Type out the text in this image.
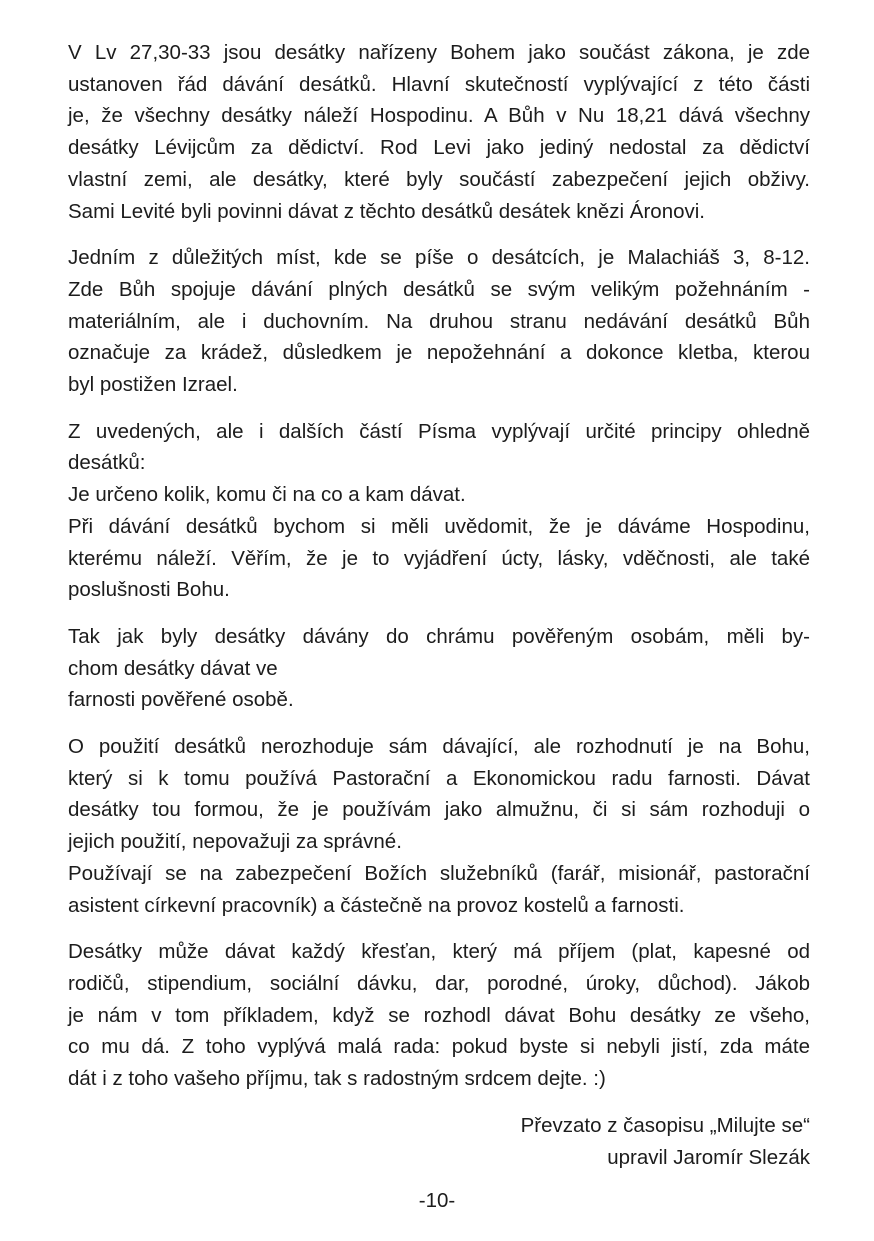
V Lv 27,30-33 jsou desátky nařízeny Bohem jako součást zákona, je zde
ustanoven řád dávání desátků. Hlavní skutečností vyplývající z této části
je, že všechny desátky náleží Hospodinu. A Bůh v Nu 18,21 dává všechny
desátky Lévijcům za dědictví. Rod Levi jako jediný nedostal za dědictví
vlastní zemi, ale desátky, které byly součástí zabezpečení jejich obživy.
Sami Levité byli povinni dávat z těchto desátků desátek knězi Áronovi.
Jedním z důležitých míst, kde se píše o desátcích, je Malachiáš 3, 8-12.
Zde Bůh spojuje dávání plných desátků se svým velikým požehnáním -
materiálním, ale i duchovním. Na druhou stranu nedávání desátků Bůh
označuje za krádež, důsledkem je nepožehnání a dokonce kletba, kterou
byl postižen Izrael.
Z uvedených, ale i dalších částí Písma vyplývají určité principy ohledně
desátků:
Je určeno kolik, komu či na co a kam dávat.
Při dávání desátků bychom si měli uvědomit, že je dáváme Hospodinu,
kterému náleží. Věřím, že je to vyjádření úcty, lásky, vděčnosti, ale také
poslušnosti Bohu.
Tak jak byly desátky dávány do chrámu pověřeným osobám, měli by-
chom desátky dávat ve
farnosti pověřené osobě.
O použití desátků nerozhoduje sám dávající, ale rozhodnutí je na Bohu,
který si k tomu používá Pastorační a Ekonomickou radu farnosti. Dávat
desátky tou formou, že je používám jako almužnu, či si sám rozhoduji o
jejich použití, nepovažuji za správné.
Používají se na zabezpečení Božích služebníků (farář, misionář, pastorační
asistent církevní pracovník) a částečně na provoz kostelů a farnosti.
Desátky může dávat každý křesťan, který má příjem (plat, kapesné od
rodičů, stipendium, sociální dávku, dar, porodné, úroky, důchod). Jákob
je nám v tom příkladem, když se rozhodl dávat Bohu desátky ze všeho,
co mu dá. Z toho vyplývá malá rada: pokud byste si nebyli jistí, zda máte
dát i z toho vašeho příjmu, tak s radostným srdcem dejte. :)
Převzato z časopisu „Milujte se“
upravil Jaromír Slezák
-10-
